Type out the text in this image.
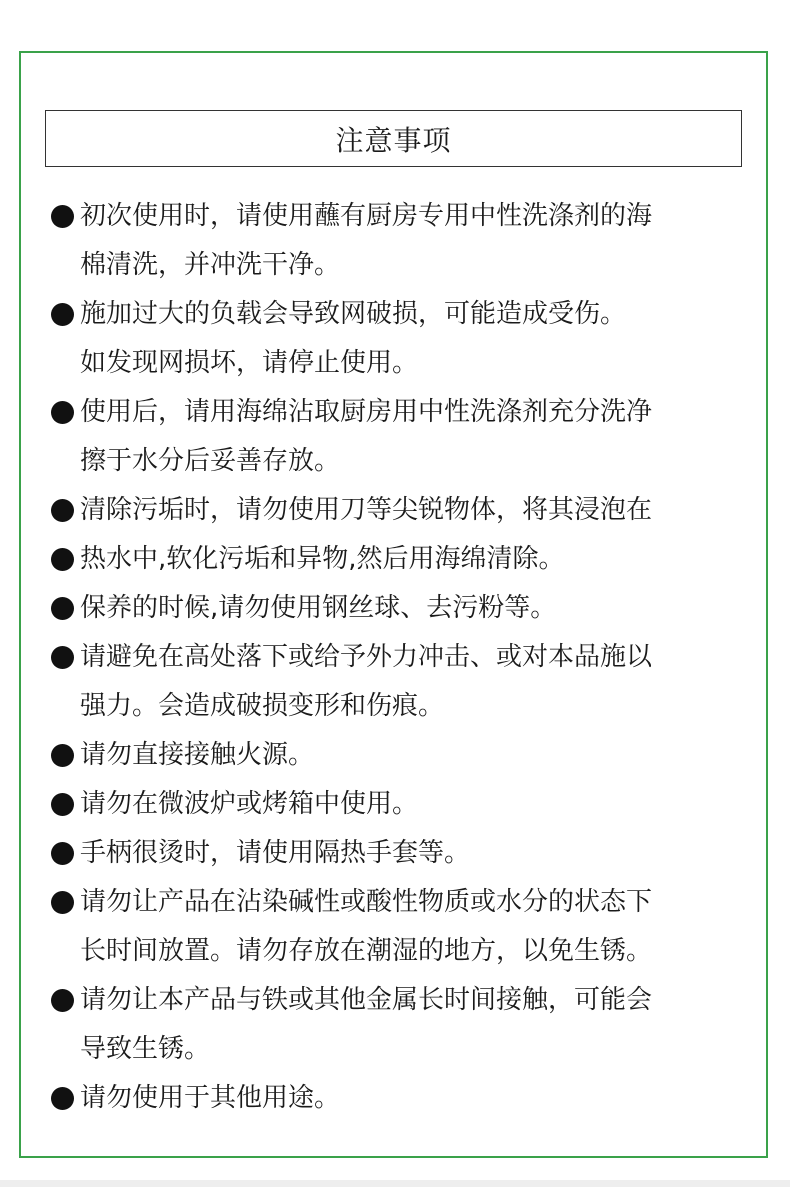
注意事项
初次使用时，请使用蘸有厨房专用中性洗涤剂的海
棉清洗，并冲洗干净。
施加过大的负载会导致网破损，可能造成受伤。
如发现网损坏，请停止使用。
使用后，请用海绵沾取厨房用中性洗涤剂充分洗净
擦于水分后妥善存放。
清除污垢时，请勿使用刀等尖锐物体，将其浸泡在
热水中,软化污垢和异物,然后用海绵清除。
保养的时候,请勿使用钢丝球、去污粉等。
请避免在高处落下或给予外力冲击、或对本品施以
强力。会造成破损变形和伤痕。
请勿直接接触火源。
请勿在微波炉或烤箱中使用。
手柄很烫时，请使用隔热手套等。
请勿让产品在沾染碱性或酸性物质或水分的状态下
长时间放置。请勿存放在潮湿的地方，以免生锈。
请勿让本产品与铁或其他金属长时间接触，可能会
导致生锈。
请勿使用于其他用途。
